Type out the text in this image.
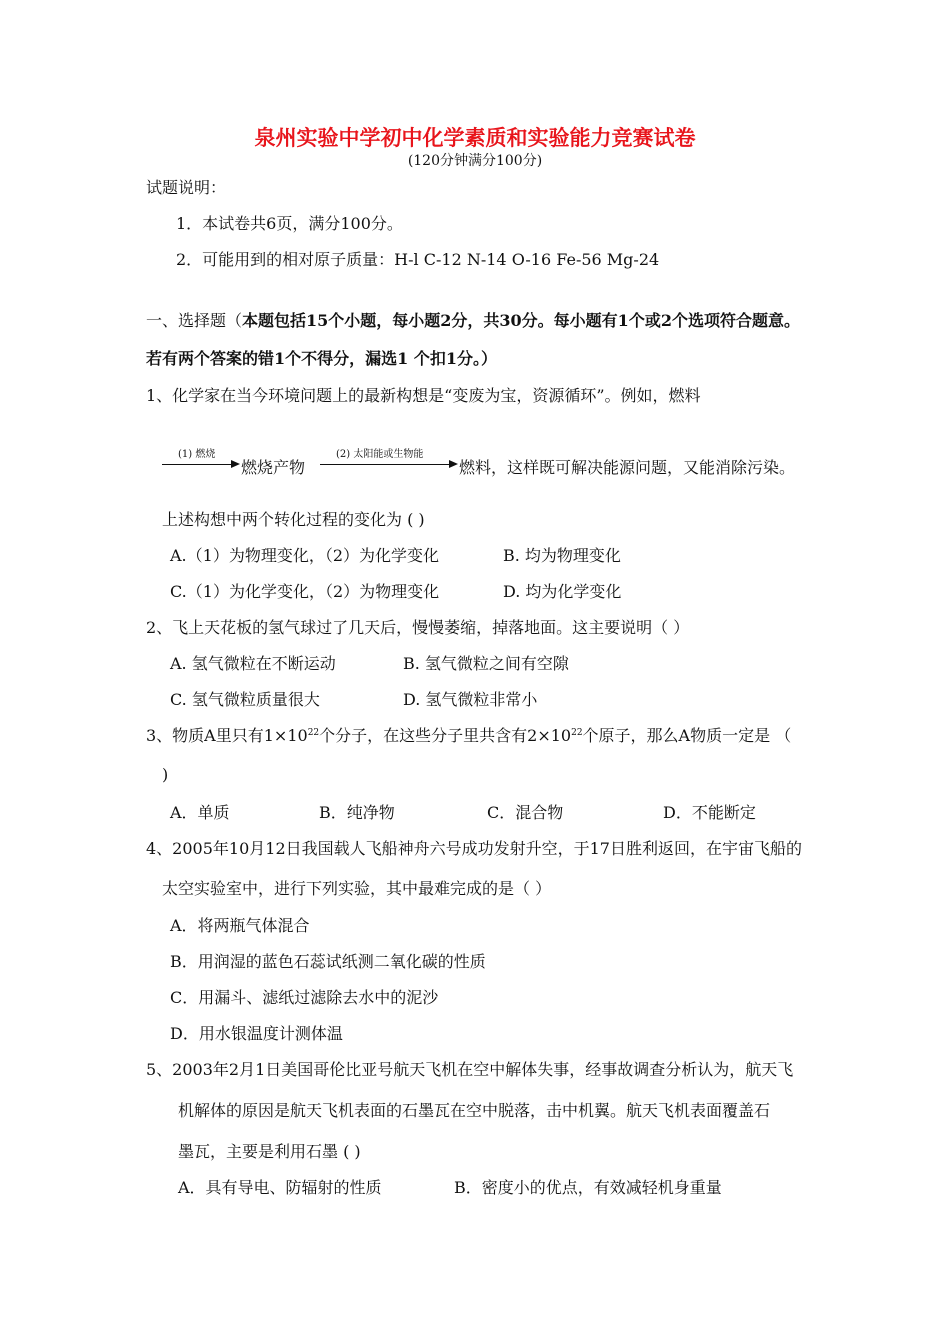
泉州实验中学初中化学素质和实验能力竞赛试卷
(120分钟满分100分)
试题说明：
1．本试卷共6页，满分100分。
2．可能用到的相对原子质量：H-l C-12 N-14 O-16 Fe-56 Mg-24
一、选择题（本题包括15个小题，每小题2分，共30分。每小题有1个或2个选项符合题意。
若有两个答案的错1个不得分，漏选1 个扣1分。）
1、化学家在当今环境问题上的最新构想是“变废为宝，资源循环”。例如，燃料
(1) 燃烧
燃烧产物
(2) 太阳能或生物能
燃料，这样既可解决能源问题，又能消除污染。
上述构想中两个转化过程的变化为 ( )
A.（1）为物理变化，（2）为化学变化	B. 均为物理变化
C.（1）为化学变化，（2）为物理变化	D. 均为化学变化
2、飞上天花板的氢气球过了几天后，慢慢萎缩，掉落地面。这主要说明（ ）
A. 氢气微粒在不断运动	B. 氢气微粒之间有空隙
C. 氢气微粒质量很大	D. 氢气微粒非常小
3、物质A里只有$1\times 10^{22}$个分子，在这些分子里共含有$2\times 10^{22}$个原子，那么A物质一定是 （
)
A．单质	B．纯净物	C．混合物	D．不能断定
4、2005年10月12日我国载人飞船神舟六号成功发射升空，于17日胜利返回，在宇宙飞船的
太空实验室中，进行下列实验，其中最难完成的是（ ）
A．将两瓶气体混合
B．用润湿的蓝色石蕊试纸测二氧化碳的性质
C．用漏斗、滤纸过滤除去水中的泥沙
D．用水银温度计测体温
5、2003年2月1日美国哥伦比亚号航天飞机在空中解体失事，经事故调查分析认为，航天飞
机解体的原因是航天飞机表面的石墨瓦在空中脱落，击中机翼。航天飞机表面覆盖石
墨瓦，主要是利用石墨 ( )
A．具有导电、防辐射的性质	B．密度小的优点，有效减轻机身重量
